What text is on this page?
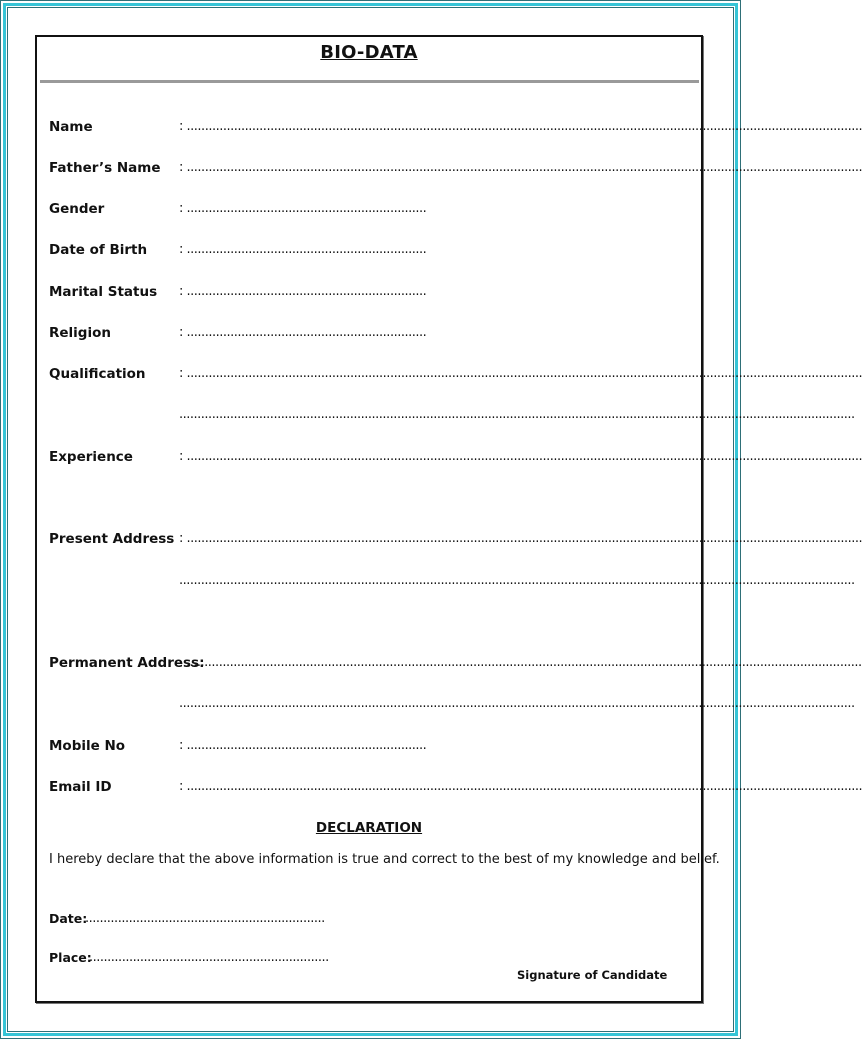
BIO-DATA
Name	: ..........................................................................................................................................................................................
Father’s Name : ..........................................................................................................................................................................................
Gender	: ..................................................................
Date of Birth : ..................................................................
Marital Status : ..................................................................
Religion	: ..................................................................
Qualification	: ..........................................................................................................................................................................................
..........................................................................................................................................................................................
Experience	: ..........................................................................................................................................................................................
Present Address : ..........................................................................................................................................................................................
..........................................................................................................................................................................................
Permanent Address:
..........................................................................................................................................................................................
..........................................................................................................................................................................................
Mobile No	: ..................................................................
Email ID	: ..........................................................................................................................................................................................
DECLARATION
I hereby declare that the above information is true and correct to the best of my knowledge and belief.
Date:
..................................................................
Place:
..................................................................
Signature of Candidate
